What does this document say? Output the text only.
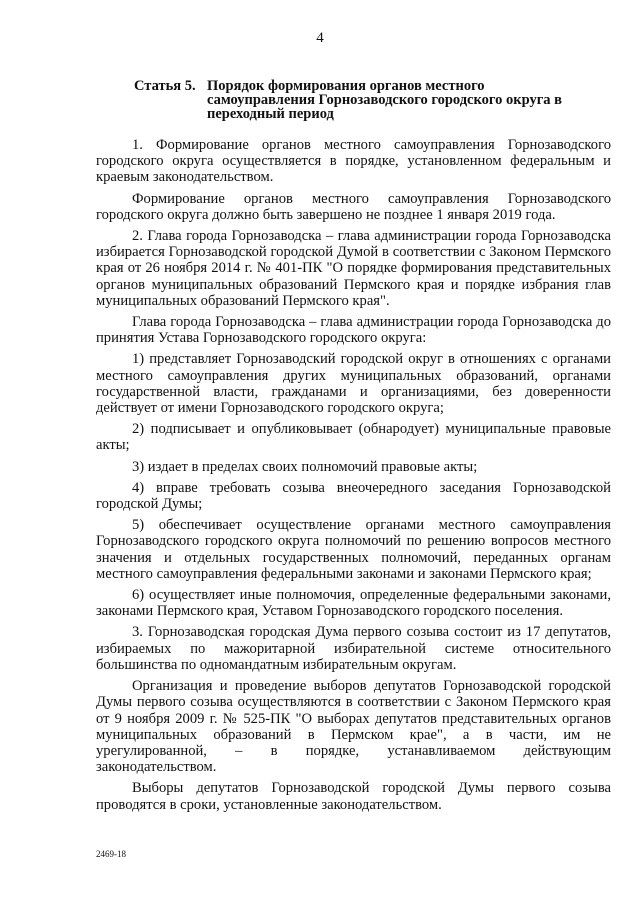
4
Статья 5. Порядок формирования органов местного самоуправления Горнозаводского городского округа в переходный период

1. Формирование органов местного самоуправления Горнозаводского городского округа осуществляется в порядке, установленном федеральным и краевым законодательством.

Формирование органов местного самоуправления Горнозаводского городского округа должно быть завершено не позднее 1 января 2019 года.

2. Глава города Горнозаводска – глава администрации города Горнозаводска избирается Горнозаводской городской Думой в соответствии с Законом Пермского края от 26 ноября 2014 г. № 401-ПК "О порядке формирования представительных органов муниципальных образований Пермского края и порядке избрания глав муниципальных образований Пермского края".

Глава города Горнозаводска – глава администрации города Горнозаводска до принятия Устава Горнозаводского городского округа:

1) представляет Горнозаводский городской округ в отношениях с органами местного самоуправления других муниципальных образований, органами государственной власти, гражданами и организациями, без доверенности действует от имени Горнозаводского городского округа;

2) подписывает и опубликовывает (обнародует) муниципальные правовые акты;

3) издает в пределах своих полномочий правовые акты;

4) вправе требовать созыва внеочередного заседания Горнозаводской городской Думы;

5) обеспечивает осуществление органами местного самоуправления Горнозаводского городского округа полномочий по решению вопросов местного значения и отдельных государственных полномочий, переданных органам местного самоуправления федеральными законами и законами Пермского края;

6) осуществляет иные полномочия, определенные федеральными законами, законами Пермского края, Уставом Горнозаводского городского поселения.

3. Горнозаводская городская Дума первого созыва состоит из 17 депутатов, избираемых по мажоритарной избирательной системе относительного большинства по одномандатным избирательным округам.

Организация и проведение выборов депутатов Горнозаводской городской Думы первого созыва осуществляются в соответствии с Законом Пермского края от 9 ноября 2009 г. № 525-ПК "О выборах депутатов представительных органов муниципальных образований в Пермском крае", а в части, им не урегулированной, – в порядке, устанавливаемом действующим законодательством.

Выборы депутатов Горнозаводской городской Думы первого созыва проводятся в сроки, установленные законодательством.

2469-18
